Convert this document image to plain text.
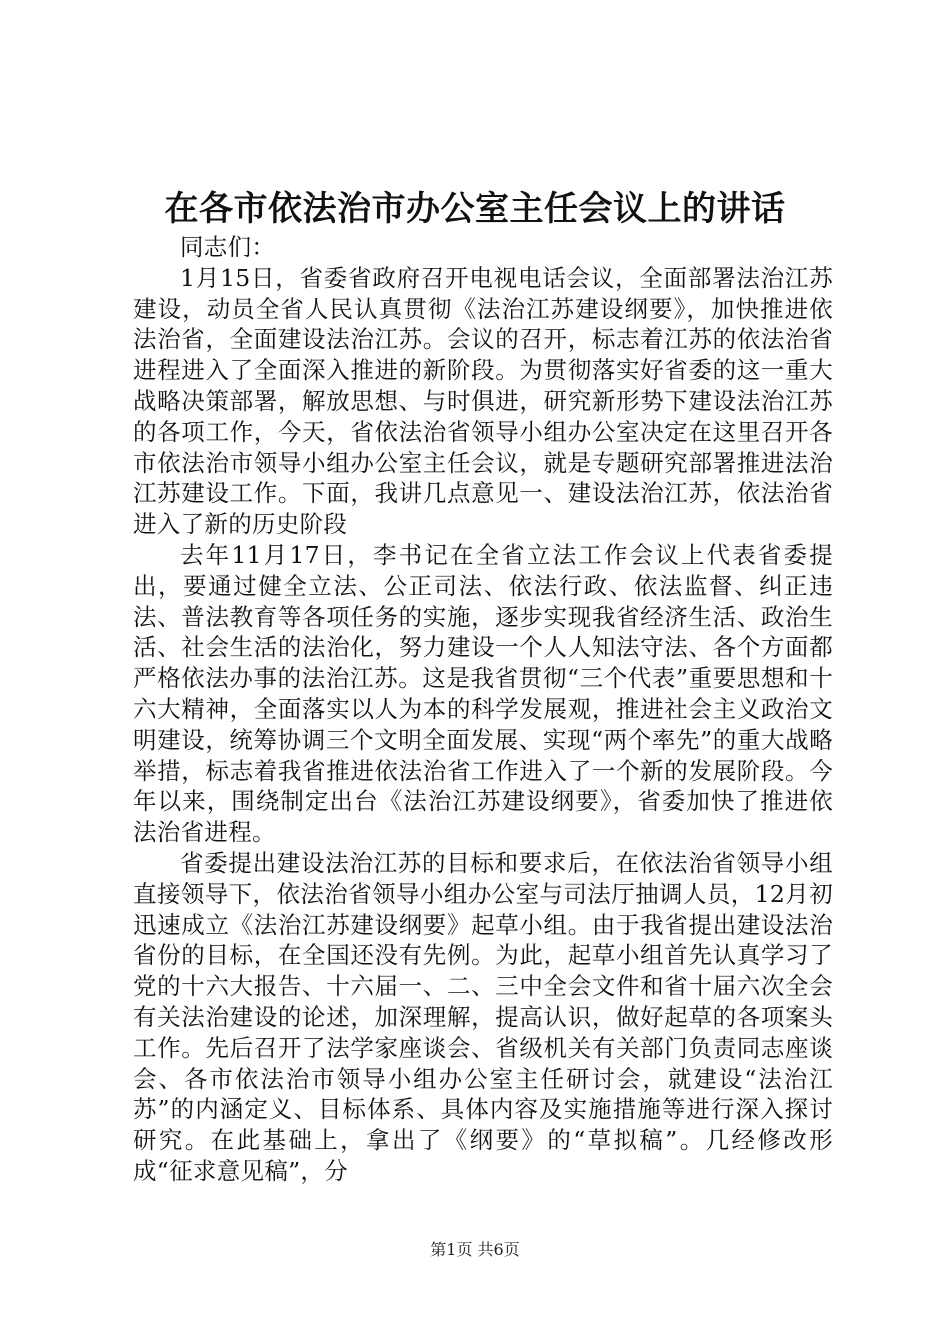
在各市依法治市办公室主任会议上的讲话

同志们：

1月15日，省委省政府召开电视电话会议，全面部署法治江苏建设，动员全省人民认真贯彻《法治江苏建设纲要》，加快推进依法治省，全面建设法治江苏。会议的召开，标志着江苏的依法治省进程进入了全面深入推进的新阶段。为贯彻落实好省委的这一重大战略决策部署，解放思想、与时俱进，研究新形势下建设法治江苏的各项工作，今天，省依法治省领导小组办公室决定在这里召开各市依法治市领导小组办公室主任会议，就是专题研究部署推进法治江苏建设工作。下面，我讲几点意见一、建设法治江苏，依法治省进入了新的历史阶段

去年11月17日，李书记在全省立法工作会议上代表省委提出，要通过健全立法、公正司法、依法行政、依法监督、纠正违法、普法教育等各项任务的实施，逐步实现我省经济生活、政治生活、社会生活的法治化，努力建设一个人人知法守法、各个方面都严格依法办事的法治江苏。这是我省贯彻“三个代表”重要思想和十六大精神，全面落实以人为本的科学发展观，推进社会主义政治文明建设，统筹协调三个文明全面发展、实现“两个率先”的重大战略举措，标志着我省推进依法治省工作进入了一个新的发展阶段。今年以来，围绕制定出台《法治江苏建设纲要》，省委加快了推进依法治省进程。

省委提出建设法治江苏的目标和要求后，在依法治省领导小组直接领导下，依法治省领导小组办公室与司法厅抽调人员，12月初迅速成立《法治江苏建设纲要》起草小组。由于我省提出建设法治省份的目标，在全国还没有先例。为此，起草小组首先认真学习了党的十六大报告、十六届一、二、三中全会文件和省十届六次全会有关法治建设的论述，加深理解，提高认识，做好起草的各项案头工作。先后召开了法学家座谈会、省级机关有关部门负责同志座谈会、各市依法治市领导小组办公室主任研讨会，就建设“法治江苏”的内涵定义、目标体系、具体内容及实施措施等进行深入探讨研究。在此基础上，拿出了《纲要》的“草拟稿”。几经修改形成“征求意见稿”，分

第1页 共6页
